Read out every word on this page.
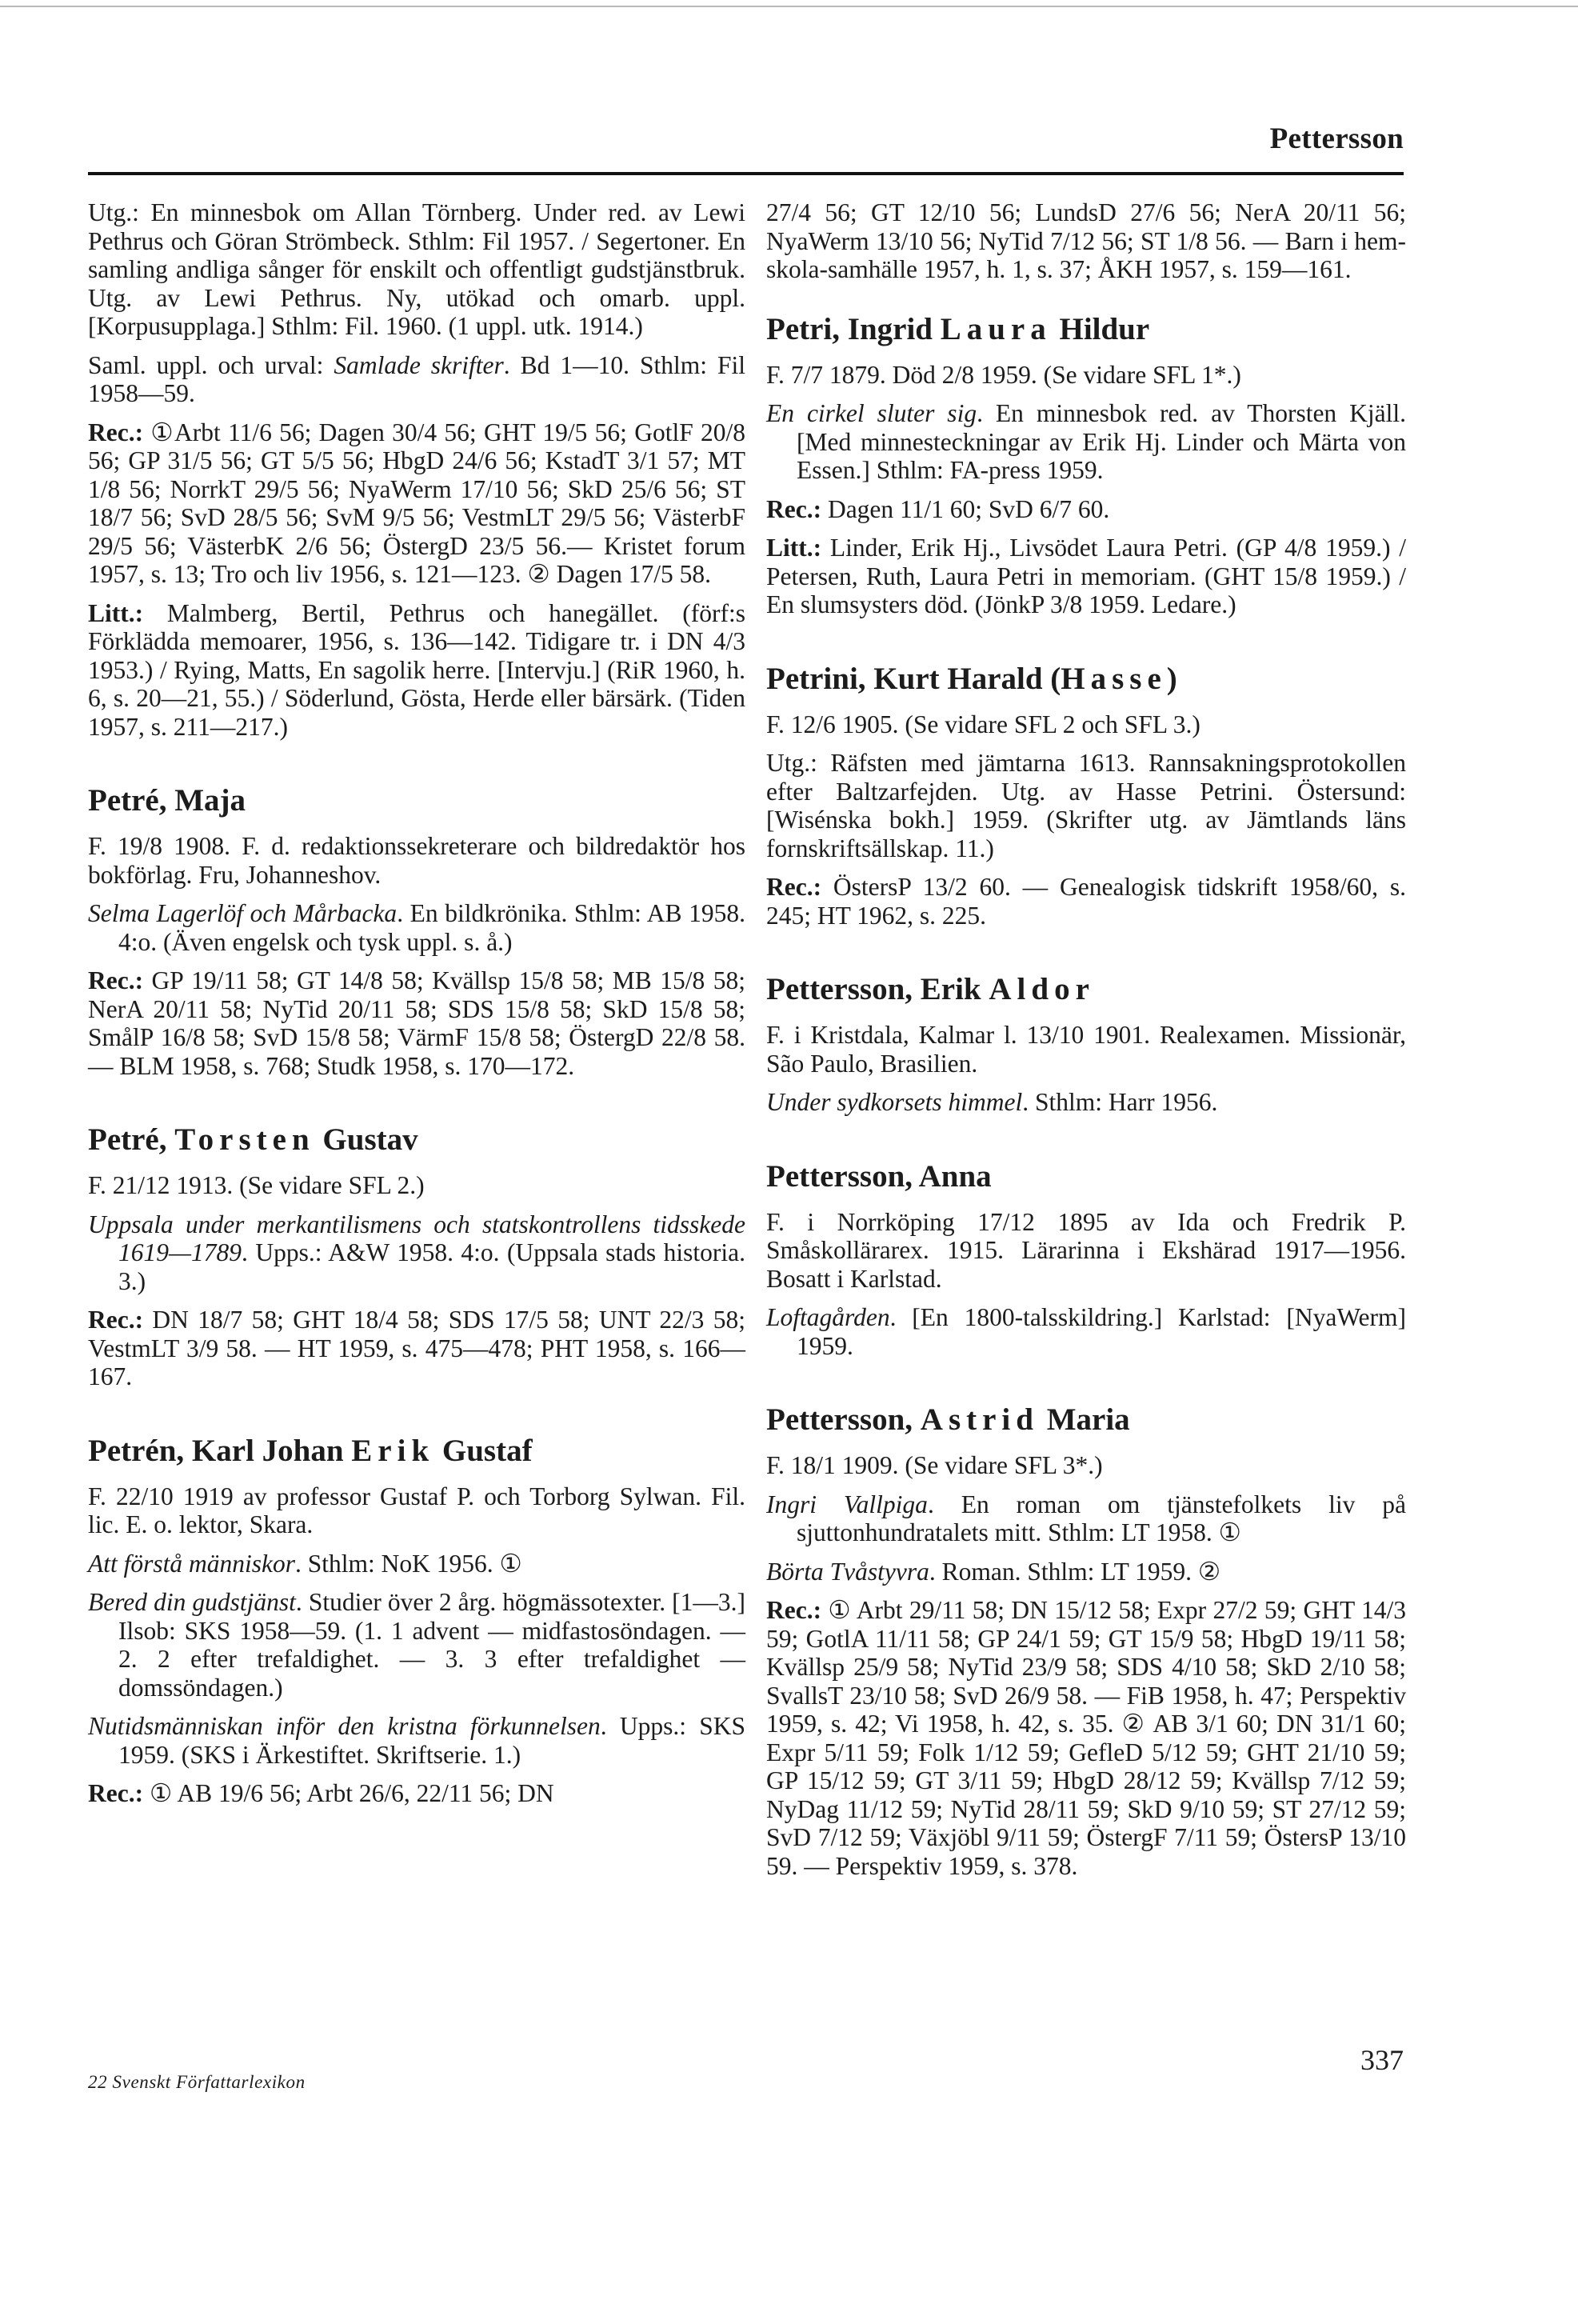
Pettersson
Utg.: En minnesbok om Allan Törnberg. Under red. av Lewi Pethrus och Göran Strömbeck. Sthlm: Fil 1957. / Segertoner. En samling andliga sånger för enskilt och offentligt gudstjänstbruk. Utg. av Lewi Pethrus. Ny, utökad och omarb. uppl. [Korpusupplaga.] Sthlm: Fil. 1960. (1 uppl. utk. 1914.)
Saml. uppl. och urval: Samlade skrifter. Bd 1—10. Sthlm: Fil 1958—59.
Rec.: ①Arbt 11/6 56; Dagen 30/4 56; GHT 19/5 56; GotlF 20/8 56; GP 31/5 56; GT 5/5 56; HbgD 24/6 56; KstadT 3/1 57; MT 1/8 56; NorrkT 29/5 56; NyaWerm 17/10 56; SkD 25/6 56; ST 18/7 56; SvD 28/5 56; SvM 9/5 56; VestmLT 29/5 56; VästerbF 29/5 56; VästerbK 2/6 56; ÖstergD 23/5 56.— Kristet forum 1957, s. 13; Tro och liv 1956, s. 121—123. ② Dagen 17/5 58.
Litt.: Malmberg, Bertil, Pethrus och hanegället. (förf:s Förklädda memoarer, 1956, s. 136—142. Tidigare tr. i DN 4/3 1953.) / Rying, Matts, En sagolik herre. [Intervju.] (RiR 1960, h. 6, s. 20—21, 55.) / Söderlund, Gösta, Herde eller bärsärk. (Tiden 1957, s. 211—217.)
Petré, Maja
F. 19/8 1908. F. d. redaktionssekreterare och bildredaktör hos bokförlag. Fru, Johanneshov.
Selma Lagerlöf och Mårbacka. En bildkrönika. Sthlm: AB 1958. 4:o. (Även engelsk och tysk uppl. s. å.)
Rec.: GP 19/11 58; GT 14/8 58; Kvällsp 15/8 58; MB 15/8 58; NerA 20/11 58; NyTid 20/11 58; SDS 15/8 58; SkD 15/8 58; SmålP 16/8 58; SvD 15/8 58; VärmF 15/8 58; ÖstergD 22/8 58. — BLM 1958, s. 768; Studk 1958, s. 170—172.
Petré, Torsten Gustav
F. 21/12 1913. (Se vidare SFL 2.)
Uppsala under merkantilismens och statskontrollens tidsskede 1619—1789. Upps.: A&W 1958. 4:o. (Uppsala stads historia. 3.)
Rec.: DN 18/7 58; GHT 18/4 58; SDS 17/5 58; UNT 22/3 58; VestmLT 3/9 58. — HT 1959, s. 475—478; PHT 1958, s. 166—167.
Petrén, Karl Johan Erik Gustaf
F. 22/10 1919 av professor Gustaf P. och Torborg Sylwan. Fil. lic. E. o. lektor, Skara.
Att förstå människor. Sthlm: NoK 1956. ①
Bered din gudstjänst. Studier över 2 årg. högmässotexter. [1—3.] Ilsob: SKS 1958—59. (1. 1 advent — midfastosöndagen. — 2. 2 efter trefaldighet. — 3. 3 efter trefaldighet — domssöndagen.)
Nutidsmänniskan inför den kristna förkunnelsen. Upps.: SKS 1959. (SKS i Ärkestiftet. Skriftserie. 1.)
Rec.: ① AB 19/6 56; Arbt 26/6, 22/11 56; DN
27/4 56; GT 12/10 56; LundsD 27/6 56; NerA 20/11 56; NyaWerm 13/10 56; NyTid 7/12 56; ST 1/8 56. — Barn i hem-skola-samhälle 1957, h. 1, s. 37; ÅKH 1957, s. 159—161.
Petri, Ingrid Laura Hildur
F. 7/7 1879. Död 2/8 1959. (Se vidare SFL 1*.)
En cirkel sluter sig. En minnesbok red. av Thorsten Kjäll. [Med minnesteckningar av Erik Hj. Linder och Märta von Essen.] Sthlm: FA-press 1959.
Rec.: Dagen 11/1 60; SvD 6/7 60.
Litt.: Linder, Erik Hj., Livsödet Laura Petri. (GP 4/8 1959.) / Petersen, Ruth, Laura Petri in memoriam. (GHT 15/8 1959.) / En slumsysters död. (JönkP 3/8 1959. Ledare.)
Petrini, Kurt Harald (Hasse)
F. 12/6 1905. (Se vidare SFL 2 och SFL 3.)
Utg.: Räfsten med jämtarna 1613. Rannsakningsprotokollen efter Baltzarfejden. Utg. av Hasse Petrini. Östersund: [Wisénska bokh.] 1959. (Skrifter utg. av Jämtlands läns fornskriftsällskap. 11.)
Rec.: ÖstersP 13/2 60. — Genealogisk tidskrift 1958/60, s. 245; HT 1962, s. 225.
Pettersson, Erik Aldor
F. i Kristdala, Kalmar l. 13/10 1901. Realexamen. Missionär, São Paulo, Brasilien.
Under sydkorsets himmel. Sthlm: Harr 1956.
Pettersson, Anna
F. i Norrköping 17/12 1895 av Ida och Fredrik P. Småskollärarex. 1915. Lärarinna i Ekshärad 1917—1956. Bosatt i Karlstad.
Loftagården. [En 1800-talsskildring.] Karlstad: [NyaWerm] 1959.
Pettersson, Astrid Maria
F. 18/1 1909. (Se vidare SFL 3*.)
Ingri Vallpiga. En roman om tjänstefolkets liv på sjuttonhundratalets mitt. Sthlm: LT 1958. ①
Börta Tvåstyvra. Roman. Sthlm: LT 1959. ②
Rec.: ① Arbt 29/11 58; DN 15/12 58; Expr 27/2 59; GHT 14/3 59; GotlA 11/11 58; GP 24/1 59; GT 15/9 58; HbgD 19/11 58; Kvällsp 25/9 58; NyTid 23/9 58; SDS 4/10 58; SkD 2/10 58; SvallsT 23/10 58; SvD 26/9 58. — FiB 1958, h. 47; Perspektiv 1959, s. 42; Vi 1958, h. 42, s. 35. ② AB 3/1 60; DN 31/1 60; Expr 5/11 59; Folk 1/12 59; GefleD 5/12 59; GHT 21/10 59; GP 15/12 59; GT 3/11 59; HbgD 28/12 59; Kvällsp 7/12 59; NyDag 11/12 59; NyTid 28/11 59; SkD 9/10 59; ST 27/12 59; SvD 7/12 59; Växjöbl 9/11 59; ÖstergF 7/11 59; ÖstersP 13/10 59. — Perspektiv 1959, s. 378.
22 Svenskt Författarlexikon
337
